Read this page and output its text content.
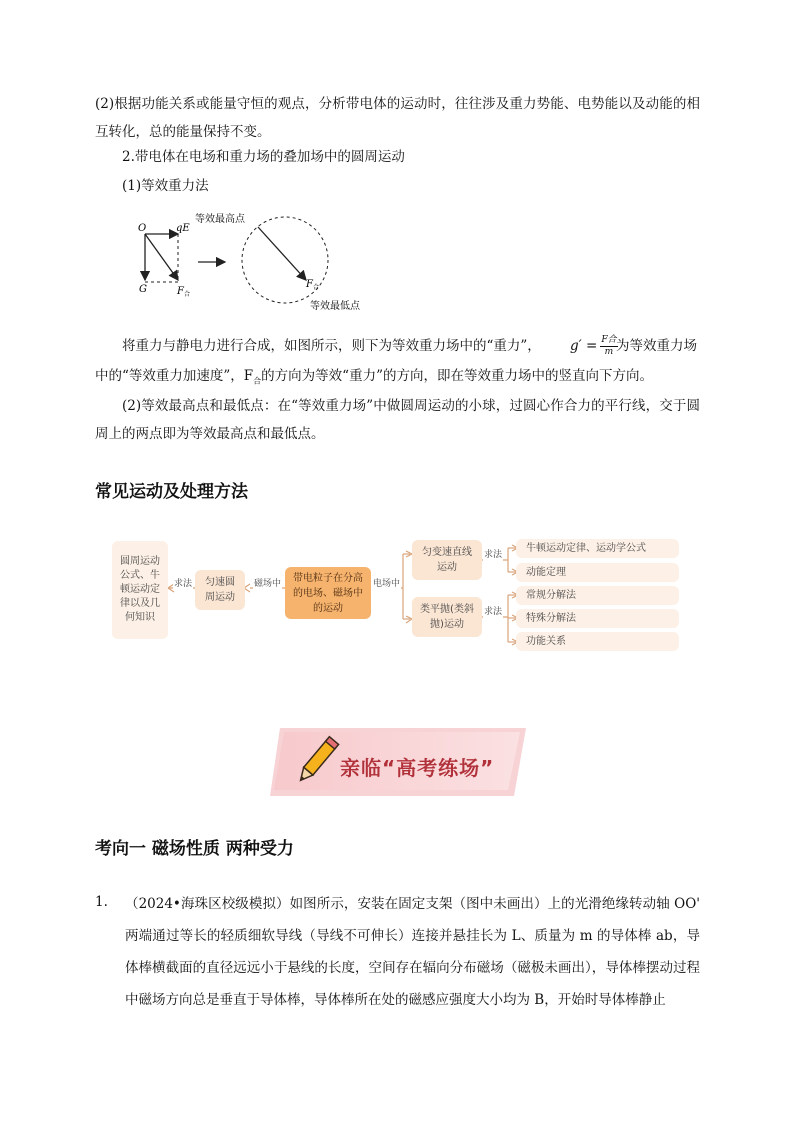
(2)根据功能关系或能量守恒的观点，分析带电体的运动时，往往涉及重力势能、电势能以及动能的相互转化，总的能量保持不变。
2.带电体在电场和重力场的叠加场中的圆周运动
(1)等效重力法
O	qE
G	F 合
等效最高点
F 合
等效最低点
将重力与静电力进行合成，如图所示，则下为等效重力场中的“重力”， g′ = F合
m 为等效重力场
中的“等效重力加速度”，$F_合$的方向为等效“重力”的方向，即在等效重力场中的竖直向下方向。
(2)等效最高点和最低点：在“等效重力场”中做圆周运动的小球，过圆心作合力的平行线，交于圆周上的两点即为等效最高点和最低点。
常见运动及处理方法
圆周运动公式、牛顿运动定律以及几何知识
求法	匀速圆周运动
磁场中
带电粒子在分高的电场、磁场中的运动
电场中
匀变速直线运动
求法
牛顿运动定律、运动学公式
动能定理
类平抛(类斜抛)运动
求法
常规分解法
特殊分解法
功能关系
亲临“高考练场”
考向一 磁场性质 两种受力
1. （2024•海珠区校级模拟）如图所示，安装在固定支架（图中未画出）上的光滑绝缘转动轴 OO' 两端通过等长的轻质细软导线（导线不可伸长）连接并悬挂长为 L、质量为 m 的导体棒 ab，导体棒横截面的直径远远小于悬线的长度，空间存在辐向分布磁场（磁极未画出），导体棒摆动过程中磁场方向总是垂直于导体棒，导体棒所在处的磁感应强度大小均为 B，开始时导体棒静止
